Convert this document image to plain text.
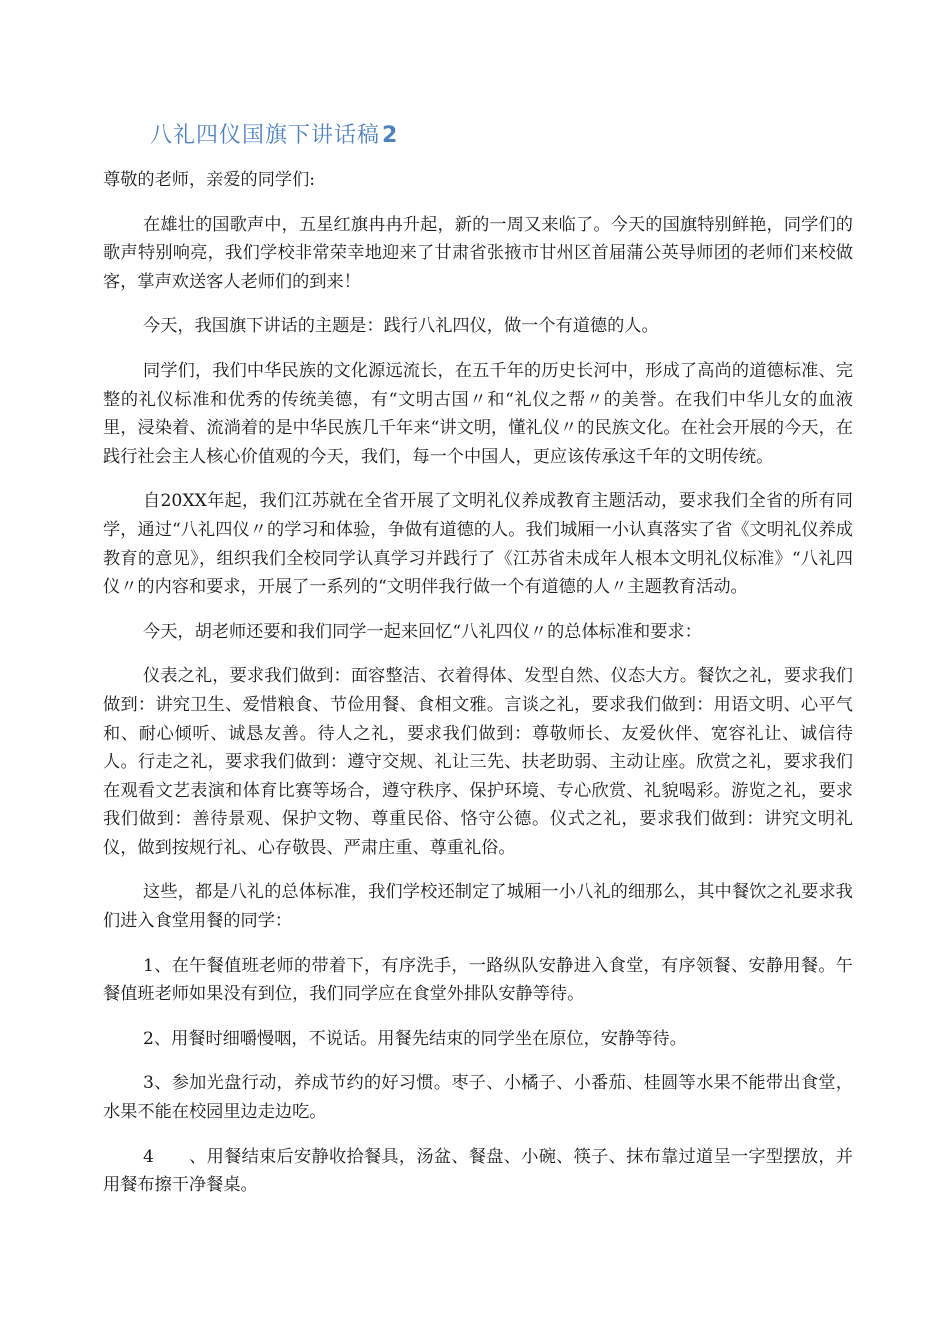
八礼四仪国旗下讲话稿2

尊敬的老师，亲爱的同学们:

在雄壮的国歌声中，五星红旗冉冉升起，新的一周又来临了。今天的国旗特别鲜艳，同学们的歌声特别响亮，我们学校非常荣幸地迎来了甘肃省张掖市甘州区首届蒲公英导师团的老师们来校做客，掌声欢送客人老师们的到来！

今天，我国旗下讲话的主题是：践行八礼四仪，做一个有道德的人。

同学们，我们中华民族的文化源远流长，在五千年的历史长河中，形成了高尚的道德标准、完整的礼仪标准和优秀的传统美德，有“文明古国〃和“礼仪之帮〃的美誉。在我们中华儿女的血液里，浸染着、流淌着的是中华民族几千年来“讲文明，懂礼仪〃的民族文化。在社会开展的今天，在践行社会主人核心价值观的今天，我们，每一个中国人，更应该传承这千年的文明传统。

自20XX年起，我们江苏就在全省开展了文明礼仪养成教育主题活动，要求我们全省的所有同学，通过“八礼四仪〃的学习和体验，争做有道德的人。我们城厢一小认真落实了省《文明礼仪养成教育的意见》，组织我们全校同学认真学习并践行了《江苏省未成年人根本文明礼仪标准》“八礼四仪〃的内容和要求，开展了一系列的“文明伴我行做一个有道德的人〃主题教育活动。

今天，胡老师还要和我们同学一起来回忆“八礼四仪〃的总体标准和要求：

仪表之礼，要求我们做到：面容整洁、衣着得体、发型自然、仪态大方。餐饮之礼，要求我们做到：讲究卫生、爱惜粮食、节俭用餐、食相文雅。言谈之礼，要求我们做到：用语文明、心平气和、耐心倾听、诚恳友善。待人之礼，要求我们做到：尊敬师长、友爱伙伴、宽容礼让、诚信待人。行走之礼，要求我们做到：遵守交规、礼让三先、扶老助弱、主动让座。欣赏之礼，要求我们在观看文艺表演和体育比赛等场合，遵守秩序、保护环境、专心欣赏、礼貌喝彩。游览之礼，要求我们做到：善待景观、保护文物、尊重民俗、恪守公德。仪式之礼，要求我们做到：讲究文明礼仪，做到按规行礼、心存敬畏、严肃庄重、尊重礼俗。

这些，都是八礼的总体标准，我们学校还制定了城厢一小八礼的细那么，其中餐饮之礼要求我们进入食堂用餐的同学：

1、在午餐值班老师的带着下，有序洗手，一路纵队安静进入食堂，有序领餐、安静用餐。午餐值班老师如果没有到位，我们同学应在食堂外排队安静等待。

2、用餐时细嚼慢咽，不说话。用餐先结束的同学坐在原位，安静等待。

3、参加光盘行动，养成节约的好习惯。枣子、小橘子、小番茄、桂圆等水果不能带出食堂，水果不能在校园里边走边吃。

4　　、用餐结束后安静收拾餐具，汤盆、餐盘、小碗、筷子、抹布靠过道呈一字型摆放，并用餐布擦干净餐桌。
